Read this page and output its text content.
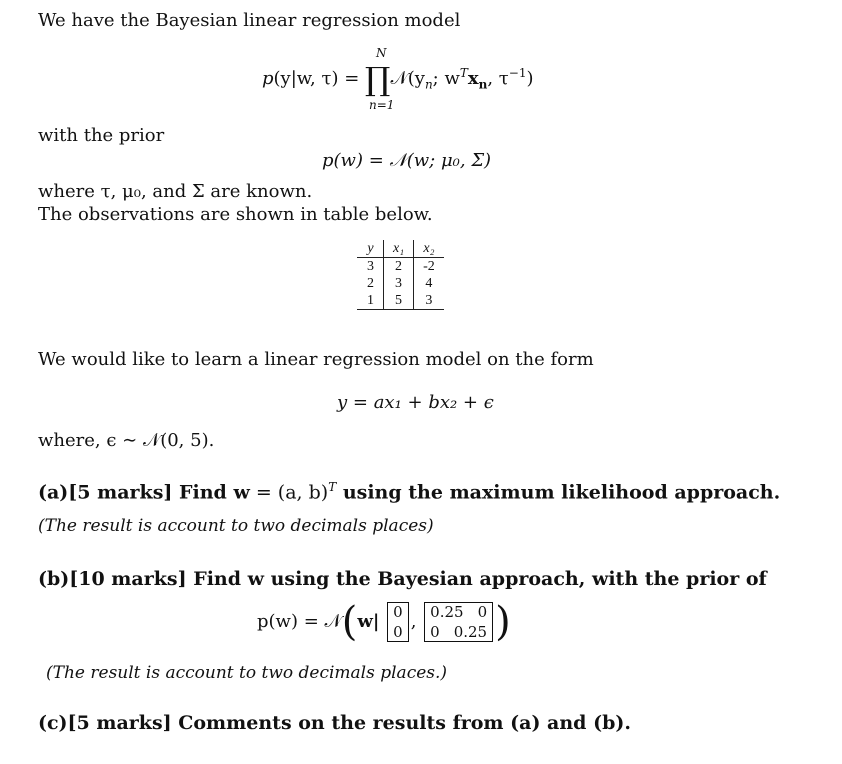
We have the Bayesian linear regression model
p(y|w, $\tau) = \prod 𝒩(y_n$; $w^Tx_n$, $\tau^{-1}$)
N
n=1
with the prior
p(w) = 𝒩(w; μ₀, Σ)
where τ, μ₀, and Σ are known.
The observations are shown in table below.
y	x₁	x₂
3	2	-2
2	3	4
1	5	3
We would like to learn a linear regression model on the form
y = ax₁ + bx₂ + ϵ
where, ϵ ∼ 𝒩(0, 5).
(a)[5 marks] Find w = (a, b)$^T$ using the maximum likelihood approach.
(The result is account to two decimals places)
(b)[10 marks] Find w using the Bayesian approach, with the prior of
p(w) = 𝒩(w| 0
0 , 0.25 0
0 0.25 )
(The result is account to two decimals places.)
(c)[5 marks] Comments on the results from (a) and (b).
